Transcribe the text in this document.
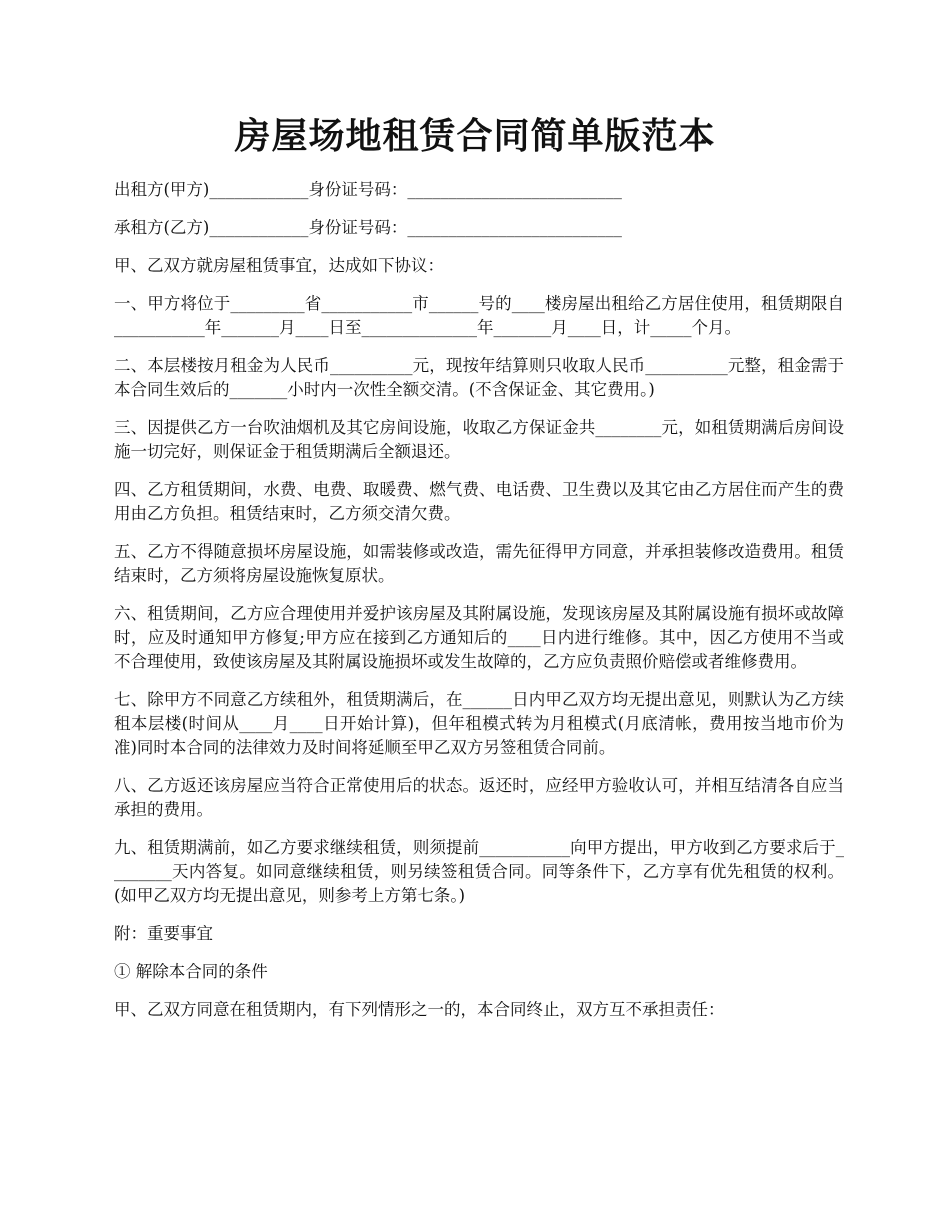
房屋场地租赁合同简单版范本

出租方(甲方)____________身份证号码：__________________________

承租方(乙方)____________身份证号码：__________________________

甲、乙双方就房屋租赁事宜，达成如下协议：

一、甲方将位于_________省___________市______号的____楼房屋出租给乙方居住使用，租赁期限自___________年_______月____日至______________年_______月____日，计_____个月。

二、本层楼按月租金为人民币__________元，现按年结算则只收取人民币__________元整，租金需于本合同生效后的_______小时内一次性全额交清。(不含保证金、其它费用。)

三、因提供乙方一台吹油烟机及其它房间设施，收取乙方保证金共________元，如租赁期满后房间设施一切完好，则保证金于租赁期满后全额退还。

四、乙方租赁期间，水费、电费、取暖费、燃气费、电话费、卫生费以及其它由乙方居住而产生的费用由乙方负担。租赁结束时，乙方须交清欠费。

五、乙方不得随意损坏房屋设施，如需装修或改造，需先征得甲方同意，并承担装修改造费用。租赁结束时，乙方须将房屋设施恢复原状。

六、租赁期间，乙方应合理使用并爱护该房屋及其附属设施，发现该房屋及其附属设施有损坏或故障时，应及时通知甲方修复;甲方应在接到乙方通知后的____日内进行维修。其中，因乙方使用不当或不合理使用，致使该房屋及其附属设施损坏或发生故障的，乙方应负责照价赔偿或者维修费用。

七、除甲方不同意乙方续租外，租赁期满后，在______日内甲乙双方均无提出意见，则默认为乙方续租本层楼(时间从____月____日开始计算)，但年租模式转为月租模式(月底清帐，费用按当地市价为准)同时本合同的法律效力及时间将延顺至甲乙双方另签租赁合同前。

八、乙方返还该房屋应当符合正常使用后的状态。返还时，应经甲方验收认可，并相互结清各自应当承担的费用。

九、租赁期满前，如乙方要求继续租赁，则须提前___________向甲方提出，甲方收到乙方要求后于________天内答复。如同意继续租赁，则另续签租赁合同。同等条件下，乙方享有优先租赁的权利。(如甲乙双方均无提出意见，则参考上方第七条。)

附：重要事宜

① 解除本合同的条件

甲、乙双方同意在租赁期内，有下列情形之一的，本合同终止，双方互不承担责任：
